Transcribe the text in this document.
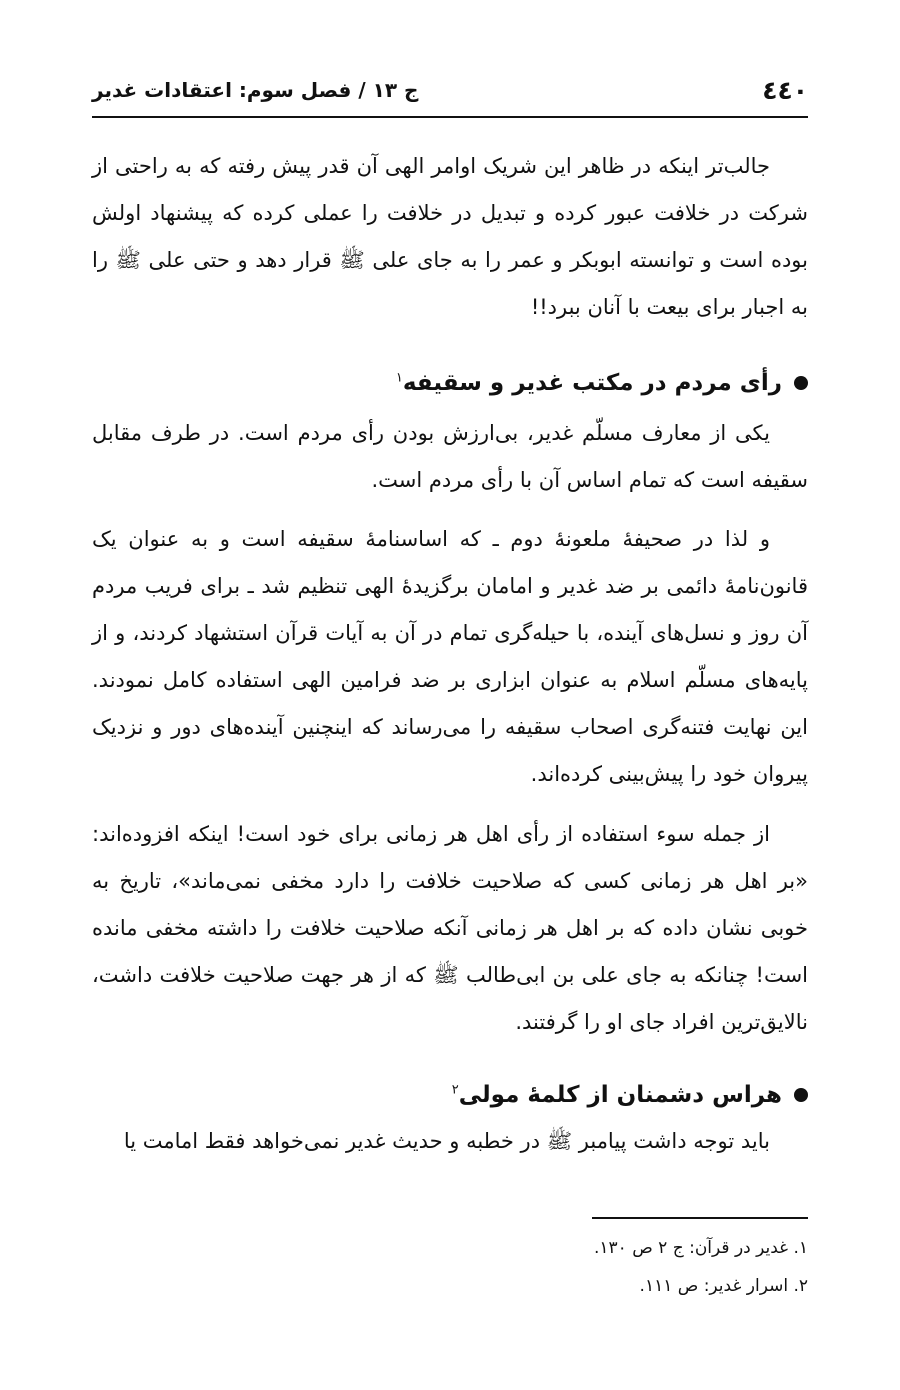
٤٤٠
ج ۱۳ / فصل سوم: اعتقادات غدیر

جالب‌تر اینکه در ظاهر این شریک اوامر الهی آن قدر پیش رفته که به راحتی از شرکت در خلافت عبور کرده و تبدیل در خلافت را عملی کرده که پیشنهاد اولش بوده است و توانسته ابوبکر و عمر را به جای علی ﷺ قرار دهد و حتی علی ﷺ را به اجبار برای بیعت با آنان ببرد!!

رأی مردم در مکتب غدیر و سقیفه$^۱$

یکی از معارف مسلّم غدیر، بی‌ارزش بودن رأی مردم است. در طرف مقابل سقیفه است که تمام اساس آن با رأی مردم است.

و لذا در صحیفهٔ ملعونهٔ دوم ـ که اساسنامهٔ سقیفه است و به عنوان یک قانون‌نامهٔ دائمی بر ضد غدیر و امامان برگزیدهٔ الهی تنظیم شد ـ برای فریب مردم آن روز و نسل‌های آینده، با حیله‌گری تمام در آن به آیات قرآن استشهاد کردند، و از پایه‌های مسلّم اسلام به عنوان ابزاری بر ضد فرامین الهی استفاده کامل نمودند. این نهایت فتنه‌گری اصحاب سقیفه را می‌رساند که اینچنین آینده‌های دور و نزدیک پیروان خود را پیش‌بینی کرده‌اند.

از جمله سوء استفاده از رأی اهل هر زمانی برای خود است! اینکه افزوده‌اند: «بر اهل هر زمانی کسی که صلاحیت خلافت را دارد مخفی نمی‌ماند»، تاریخ به خوبی نشان داده که بر اهل هر زمانی آنکه صلاحیت خلافت را داشته مخفی مانده است! چنانکه به جای علی بن ابی‌طالب ﷺ که از هر جهت صلاحیت خلافت داشت، نالایق‌ترین افراد جای او را گرفتند.

هراس دشمنان از کلمهٔ مولی$^۲$

باید توجه داشت پیامبر ﷺ در خطبه و حدیث غدیر نمی‌خواهد فقط امامت یا

۱. غدیر در قرآن: ج ۲ ص ۱۳۰.

۲. اسرار غدیر: ص ۱۱۱.
